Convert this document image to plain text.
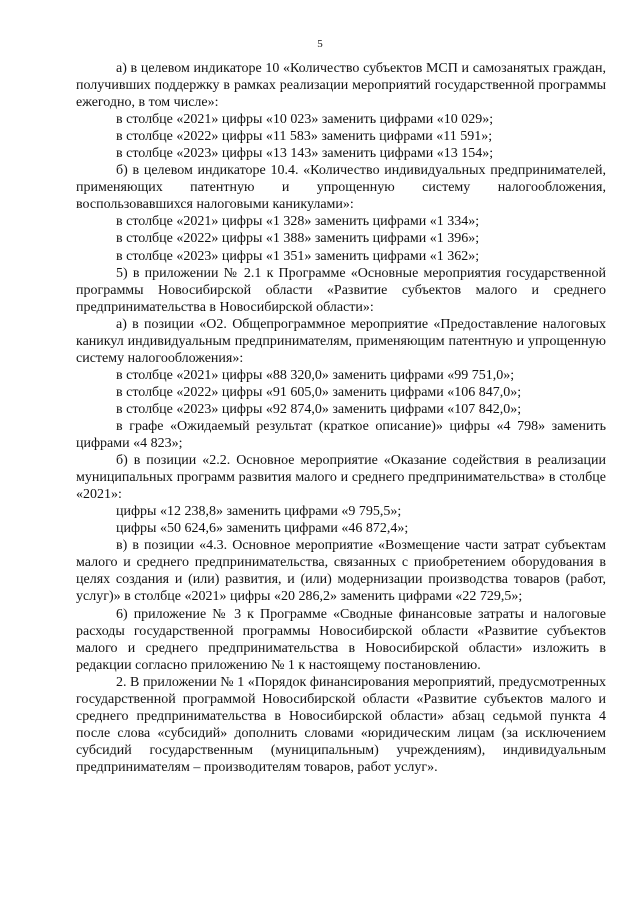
5

а) в целевом индикаторе 10 «Количество субъектов МСП и самозанятых граждан, получивших поддержку в рамках реализации мероприятий государственной программы ежегодно, в том числе»:

в столбце «2021» цифры «10 023» заменить цифрами «10 029»;

в столбце «2022» цифры «11 583» заменить цифрами «11 591»;

в столбце «2023» цифры «13 143» заменить цифрами «13 154»;

б) в целевом индикаторе 10.4. «Количество индивидуальных предпринимателей, применяющих патентную и упрощенную систему налогообложения, воспользовавшихся налоговыми каникулами»:

в столбце «2021» цифры «1 328» заменить цифрами «1 334»;

в столбце «2022» цифры «1 388» заменить цифрами «1 396»;

в столбце «2023» цифры «1 351» заменить цифрами «1 362»;

5) в приложении № 2.1 к Программе «Основные мероприятия государственной программы Новосибирской области «Развитие субъектов малого и среднего предпринимательства в Новосибирской области»:

а) в позиции «О2. Общепрограммное мероприятие «Предоставление налоговых каникул индивидуальным предпринимателям, применяющим патентную и упрощенную систему налогообложения»:

в столбце «2021» цифры «88 320,0» заменить цифрами «99 751,0»;

в столбце «2022» цифры «91 605,0» заменить цифрами «106 847,0»;

в столбце «2023» цифры «92 874,0» заменить цифрами «107 842,0»;

в графе «Ожидаемый результат (краткое описание)» цифры «4 798» заменить цифрами «4 823»;

б) в позиции «2.2. Основное мероприятие «Оказание содействия в реализации муниципальных программ развития малого и среднего предпринимательства» в столбце «2021»:

цифры «12 238,8» заменить цифрами «9 795,5»;

цифры «50 624,6» заменить цифрами «46 872,4»;

в) в позиции «4.3. Основное мероприятие «Возмещение части затрат субъектам малого и среднего предпринимательства, связанных с приобретением оборудования в целях создания и (или) развития, и (или) модернизации производства товаров (работ, услуг)» в столбце «2021» цифры «20 286,2» заменить цифрами «22 729,5»;

6) приложение № 3 к Программе «Сводные финансовые затраты и налоговые расходы государственной программы Новосибирской области «Развитие субъектов малого и среднего предпринимательства в Новосибирской области» изложить в редакции согласно приложению № 1 к настоящему постановлению.

2. В приложении № 1 «Порядок финансирования мероприятий, предусмотренных государственной программой Новосибирской области «Развитие субъектов малого и среднего предпринимательства в Новосибирской области» абзац седьмой пункта 4 после слова «субсидий» дополнить словами «юридическим лицам (за исключением субсидий государственным (муниципальным) учреждениям), индивидуальным предпринимателям – производителям товаров, работ услуг».
